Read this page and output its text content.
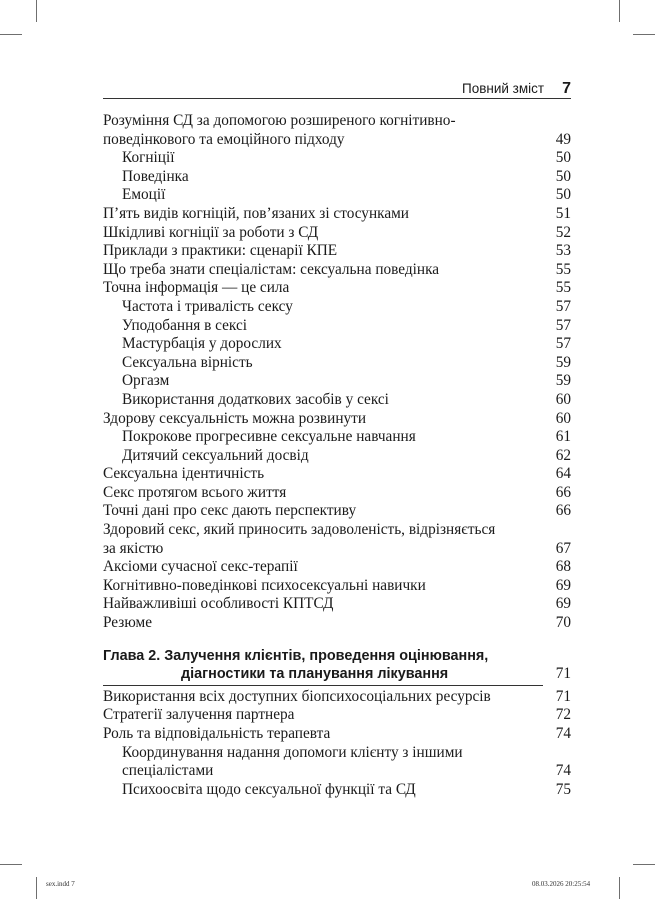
Повний зміст 7
Розуміння СД за допомогою розширеного когнітивно-
поведінкового та емоційного підходу	49
Когніції	50
Поведінка	50
Емоції	50
П’ять видів когніцій, пов’язаних зі стосунками	51
Шкідливі когніції за роботи з СД	52
Приклади з практики: сценарії КПЕ	53
Що треба знати спеціалістам: сексуальна поведінка	55
Точна інформація — це сила	55
Частота і тривалість сексу	57
Уподобання в сексі	57
Мастурбація у дорослих	57
Сексуальна вірність	59
Оргазм	59
Використання додаткових засобів у сексі	60
Здорову сексуальність можна розвинути	60
Покрокове прогресивне сексуальне навчання	61
Дитячий сексуальний досвід	62
Сексуальна ідентичність	64
Секс протягом всього життя	66
Точні дані про секс дають перспективу	66
Здоровий секс, який приносить задоволеність, відрізняється
за якістю	67
Аксіоми сучасної секс-терапії	68
Когнітивно-поведінкові психосексуальні навички	69
Найважливіші особливості КПТСД	69
Резюме	70
Глава 2. Залучення клієнтів, проведення оцінювання,
діагностики та планування лікування	71
Використання всіх доступних біопсихосоціальних ресурсів	71
Стратегії залучення партнера	72
Роль та відповідальність терапевта	74
Координування надання допомоги клієнту з іншими
спеціалістами	74
Психоосвіта щодо сексуальної функції та СД	75
sex.indd 7	08.03.2026 20:25:54
